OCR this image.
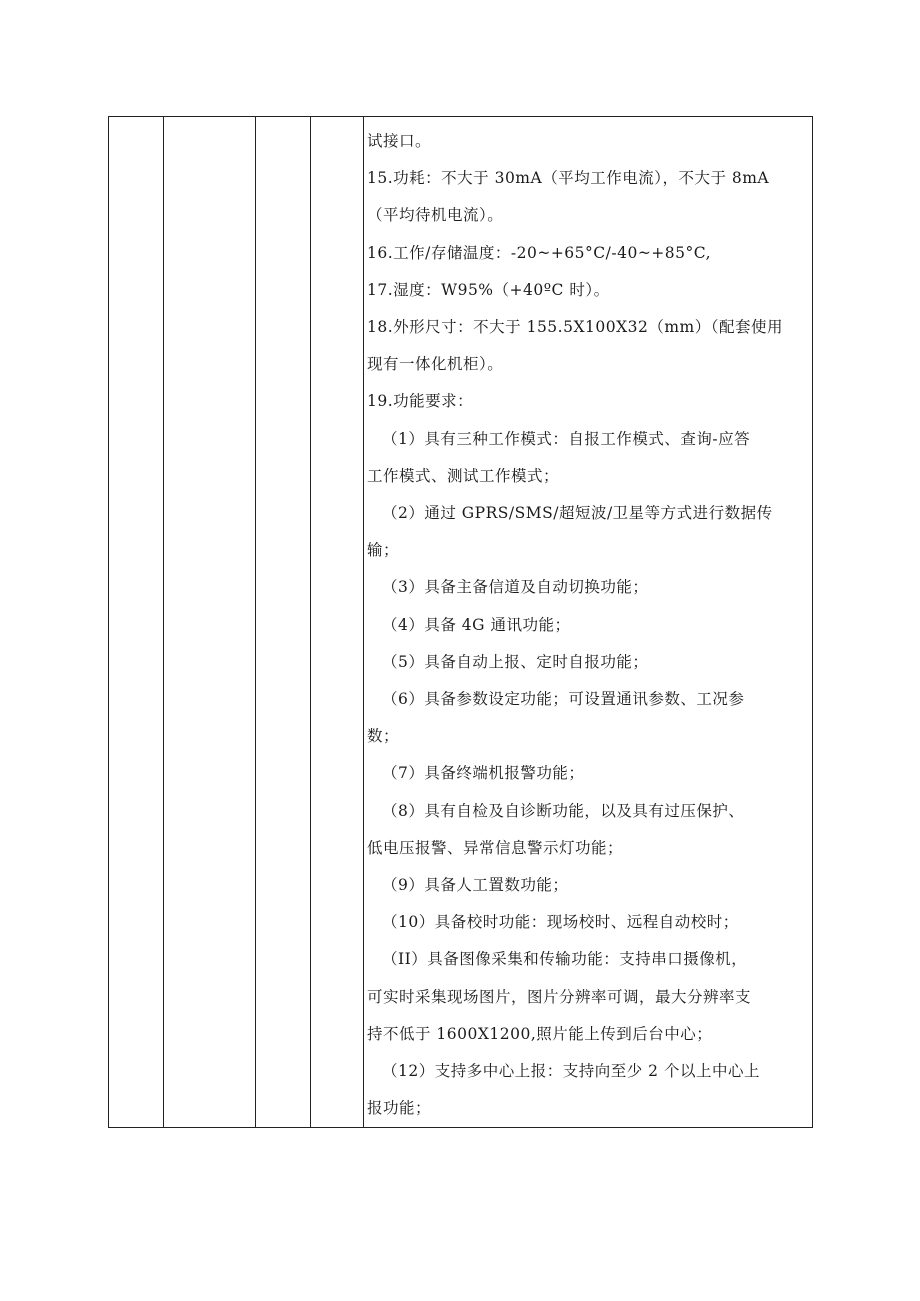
试接口。
15.功耗：不大于 30mA（平均工作电流），不大于 8mA
（平均待机电流）。
16.工作/存储温度：-20~+65°C/-40~+85°C,
17.湿度：W95%（+40ºC 时）。
18.外形尺寸：不大于 155.5X100X32（mm）（配套使用
现有一体化机柜）。
19.功能要求：
（1）具有三种工作模式：自报工作模式、查询-应答
工作模式、测试工作模式；
（2）通过 GPRS/SMS/超短波/卫星等方式进行数据传
输；
（3）具备主备信道及自动切换功能；
（4）具备 4G 通讯功能；
（5）具备自动上报、定时自报功能；
（6）具备参数设定功能；可设置通讯参数、工况参
数；
（7）具备终端机报警功能；
（8）具有自检及自诊断功能，以及具有过压保护、
低电压报警、异常信息警示灯功能；
（9）具备人工置数功能；
（10）具备校时功能：现场校时、远程自动校时；
（II）具备图像采集和传输功能：支持串口摄像机，
可实时采集现场图片，图片分辨率可调，最大分辨率支
持不低于 1600X1200,照片能上传到后台中心；
（12）支持多中心上报：支持向至少 2 个以上中心上
报功能；
